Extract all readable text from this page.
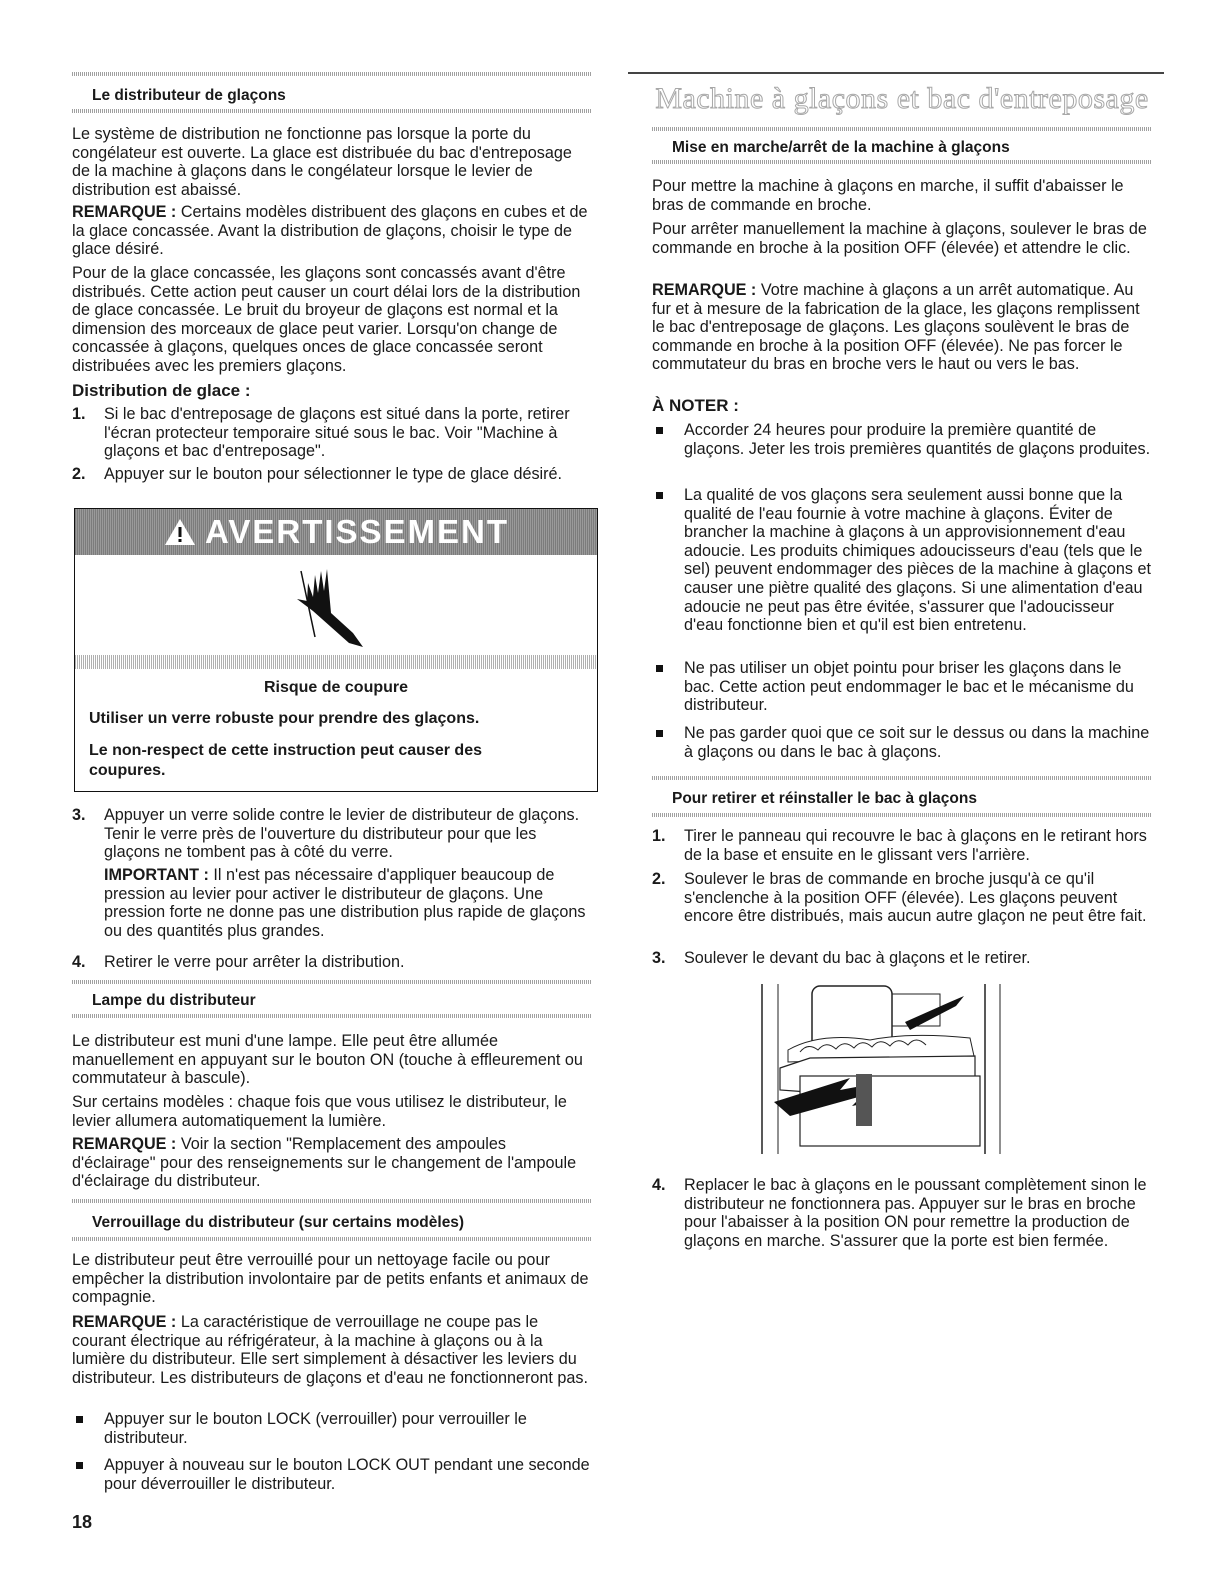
Le distributeur de glaçons

Le système de distribution ne fonctionne pas lorsque la porte du congélateur est ouverte. La glace est distribuée du bac d'entreposage de la machine à glaçons dans le congélateur lorsque le levier de distribution est abaissé.

REMARQUE : Certains modèles distribuent des glaçons en cubes et de la glace concassée. Avant la distribution de glaçons, choisir le type de glace désiré.

Pour de la glace concassée, les glaçons sont concassés avant d'être distribués. Cette action peut causer un court délai lors de la distribution de glace concassée. Le bruit du broyeur de glaçons est normal et la dimension des morceaux de glace peut varier. Lorsqu'on change de concassée à glaçons, quelques onces de glace concassée seront distribuées avec les premiers glaçons.

Distribution de glace :
1. Si le bac d'entreposage de glaçons est situé dans la porte, retirer l'écran protecteur temporaire situé sous le bac. Voir "Machine à glaçons et bac d'entreposage".

2. Appuyer sur le bouton pour sélectionner le type de glace désiré.

AVERTISSEMENT
Risque de coupure
Utiliser un verre robuste pour prendre des glaçons.
Le non-respect de cette instruction peut causer des coupures.
3. Appuyer un verre solide contre le levier de distributeur de glaçons. Tenir le verre près de l'ouverture du distributeur pour que les glaçons ne tombent pas à côté du verre.

IMPORTANT : Il n'est pas nécessaire d'appliquer beaucoup de pression au levier pour activer le distributeur de glaçons. Une pression forte ne donne pas une distribution plus rapide de glaçons ou des quantités plus grandes.

4. Retirer le verre pour arrêter la distribution.

Lampe du distributeur

Le distributeur est muni d'une lampe. Elle peut être allumée manuellement en appuyant sur le bouton ON (touche à effleurement ou commutateur à bascule).

Sur certains modèles : chaque fois que vous utilisez le distributeur, le levier allumera automatiquement la lumière.

REMARQUE : Voir la section "Remplacement des ampoules d'éclairage" pour des renseignements sur le changement de l'ampoule d'éclairage du distributeur.

Verrouillage du distributeur (sur certains modèles)

Le distributeur peut être verrouillé pour un nettoyage facile ou pour empêcher la distribution involontaire par de petits enfants et animaux de compagnie.

REMARQUE : La caractéristique de verrouillage ne coupe pas le courant électrique au réfrigérateur, à la machine à glaçons ou à la lumière du distributeur. Elle sert simplement à désactiver les leviers du distributeur. Les distributeurs de glaçons et d'eau ne fonctionneront pas.

Appuyer sur le bouton LOCK (verrouiller) pour verrouiller le distributeur.

Appuyer à nouveau sur le bouton LOCK OUT pendant une seconde pour déverrouiller le distributeur.

18
Machine à glaçons et bac d'entreposage
Mise en marche/arrêt de la machine à glaçons

Pour mettre la machine à glaçons en marche, il suffit d'abaisser le bras de commande en broche.

Pour arrêter manuellement la machine à glaçons, soulever le bras de commande en broche à la position OFF (élevée) et attendre le clic.

REMARQUE : Votre machine à glaçons a un arrêt automatique. Au fur et à mesure de la fabrication de la glace, les glaçons remplissent le bac d'entreposage de glaçons. Les glaçons soulèvent le bras de commande en broche à la position OFF (élevée). Ne pas forcer le commutateur du bras en broche vers le haut ou vers le bas.

À NOTER :

Accorder 24 heures pour produire la première quantité de glaçons. Jeter les trois premières quantités de glaçons produites.

La qualité de vos glaçons sera seulement aussi bonne que la qualité de l'eau fournie à votre machine à glaçons. Éviter de brancher la machine à glaçons à un approvisionnement d'eau adoucie. Les produits chimiques adoucisseurs d'eau (tels que le sel) peuvent endommager des pièces de la machine à glaçons et causer une piètre qualité des glaçons. Si une alimentation d'eau adoucie ne peut pas être évitée, s'assurer que l'adoucisseur d'eau fonctionne bien et qu'il est bien entretenu.

Ne pas utiliser un objet pointu pour briser les glaçons dans le bac. Cette action peut endommager le bac et le mécanisme du distributeur.

Ne pas garder quoi que ce soit sur le dessus ou dans la machine à glaçons ou dans le bac à glaçons.

Pour retirer et réinstaller le bac à glaçons
1. Tirer le panneau qui recouvre le bac à glaçons en le retirant hors de la base et ensuite en le glissant vers l'arrière.

2. Soulever le bras de commande en broche jusqu'à ce qu'il s'enclenche à la position OFF (élevée). Les glaçons peuvent encore être distribués, mais aucun autre glaçon ne peut être fait.

3. Soulever le devant du bac à glaçons et le retirer.

4. Replacer le bac à glaçons en le poussant complètement sinon le distributeur ne fonctionnera pas. Appuyer sur le bras en broche pour l'abaisser à la position ON pour remettre la production de glaçons en marche. S'assurer que la porte est bien fermée.
